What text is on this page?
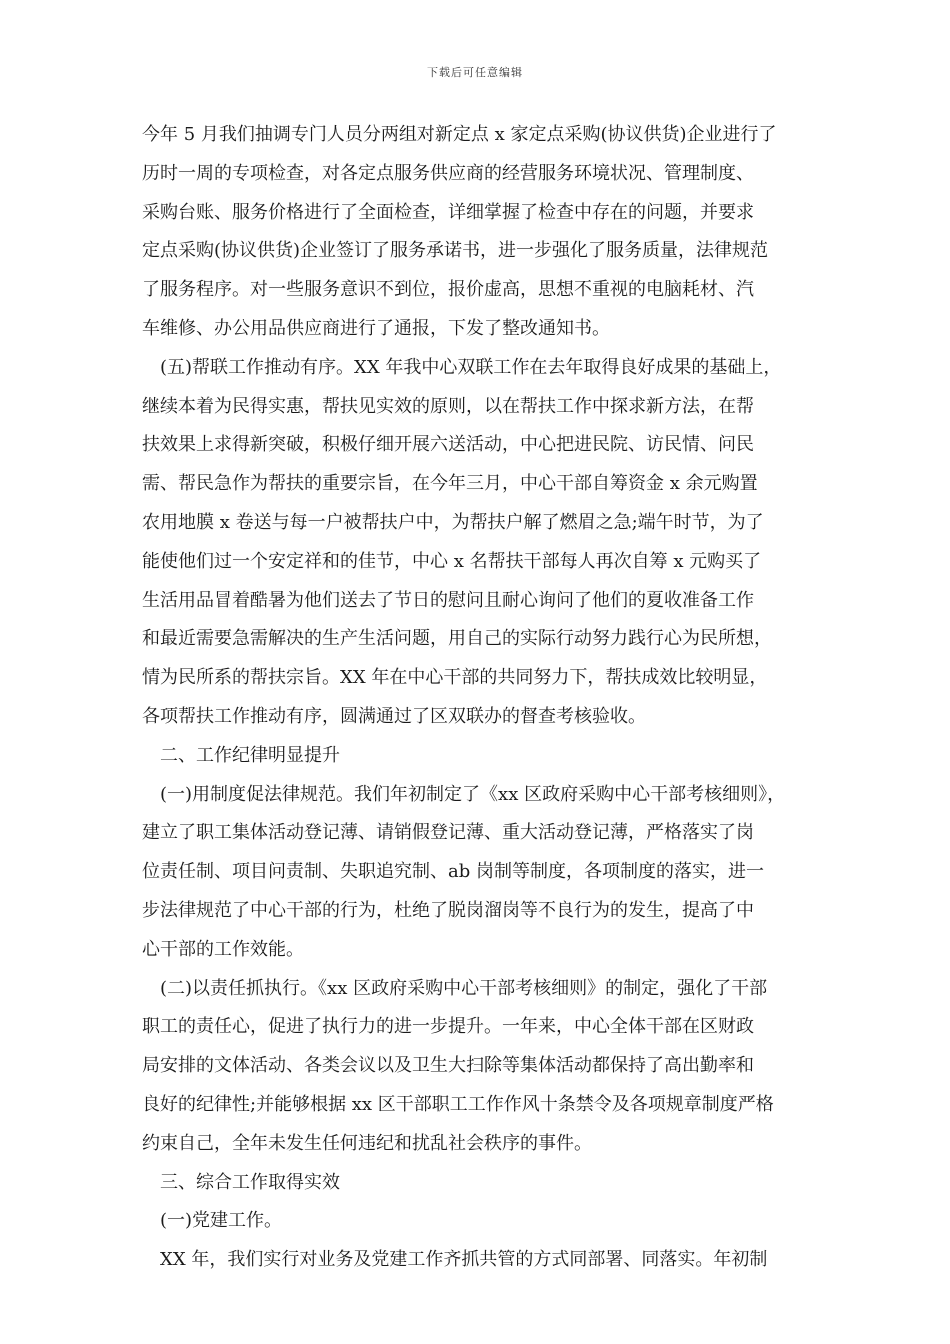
下载后可任意编辑
今年 5 月我们抽调专门人员分两组对新定点 x 家定点采购(协议供货)企业进行了
历时一周的专项检查，对各定点服务供应商的经营服务环境状况、管理制度、
采购台账、服务价格进行了全面检查，详细掌握了检查中存在的问题，并要求
定点采购(协议供货)企业签订了服务承诺书，进一步强化了服务质量，法律规范
了服务程序。对一些服务意识不到位，报价虚高，思想不重视的电脑耗材、汽
车维修、办公用品供应商进行了通报，下发了整改通知书。
(五)帮联工作推动有序。XX 年我中心双联工作在去年取得良好成果的基础上，
继续本着为民得实惠，帮扶见实效的原则，以在帮扶工作中探求新方法，在帮
扶效果上求得新突破，积极仔细开展六送活动，中心把进民院、访民情、问民
需、帮民急作为帮扶的重要宗旨，在今年三月，中心干部自筹资金 x 余元购置
农用地膜 x 卷送与每一户被帮扶户中，为帮扶户解了燃眉之急;端午时节，为了
能使他们过一个安定祥和的佳节，中心 x 名帮扶干部每人再次自筹 x 元购买了
生活用品冒着酷暑为他们送去了节日的慰问且耐心询问了他们的夏收准备工作
和最近需要急需解决的生产生活问题，用自己的实际行动努力践行心为民所想，
情为民所系的帮扶宗旨。XX 年在中心干部的共同努力下，帮扶成效比较明显，
各项帮扶工作推动有序，圆满通过了区双联办的督查考核验收。
二、工作纪律明显提升
(一)用制度促法律规范。我们年初制定了《xx 区政府采购中心干部考核细则》，
建立了职工集体活动登记薄、请销假登记薄、重大活动登记薄，严格落实了岗
位责任制、项目问责制、失职追究制、ab 岗制等制度，各项制度的落实，进一
步法律规范了中心干部的行为，杜绝了脱岗溜岗等不良行为的发生，提高了中
心干部的工作效能。
(二)以责任抓执行。《xx 区政府采购中心干部考核细则》的制定，强化了干部
职工的责任心，促进了执行力的进一步提升。一年来，中心全体干部在区财政
局安排的文体活动、各类会议以及卫生大扫除等集体活动都保持了高出勤率和
良好的纪律性;并能够根据 xx 区干部职工工作作风十条禁令及各项规章制度严格
约束自己，全年未发生任何违纪和扰乱社会秩序的事件。
三、综合工作取得实效
(一)党建工作。
XX 年，我们实行对业务及党建工作齐抓共管的方式同部署、同落实。年初制
